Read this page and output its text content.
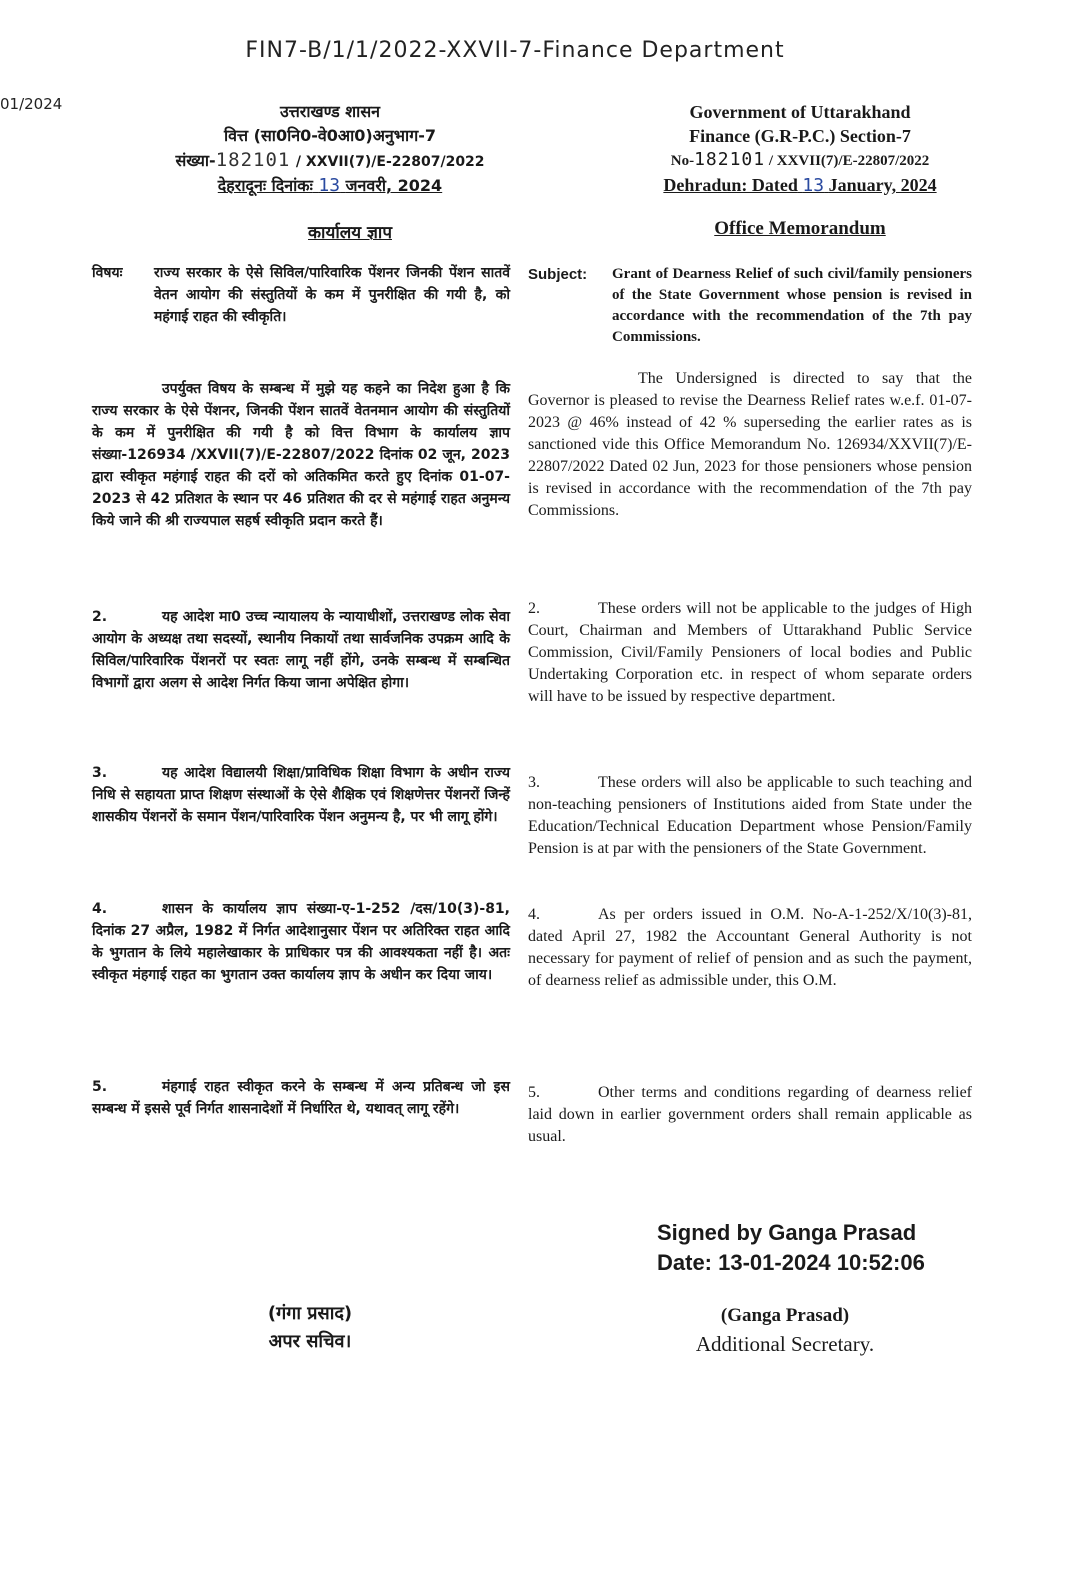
FIN7-B/1/1/2022-XXVII-7-Finance Department
01/2024	उत्तराखण्ड शासन
वित्त (सा0नि0-वे0आ0)अनुभाग-7
संख्या-182101 / XXVII(7)/E-22807/2022
देहरादूनः दिनांकः 13 जनवरी, 2024
Government of Uttarakhand
Finance (G.R-P.C.) Section-7
No-182101 / XXVII(7)/E-22807/2022
Dehradun: Dated 13 January, 2024
कार्यालय ज्ञाप	Office Memorandum
विषयः	राज्य सरकार के ऐसे सिविल/पारिवारिक पेंशनर जिनकी पेंशन सातवें वेतन आयोग की संस्तुतियों के कम में पुनरीक्षित की गयी है, को महंगाई राहत की स्वीकृति।
उपर्युक्त विषय के सम्बन्ध में मुझे यह कहने का निदेश हुआ है कि राज्य सरकार के ऐसे पेंशनर, जिनकी पेंशन सातवें वेतनमान आयोग की संस्तुतियों के कम में पुनरीक्षित की गयी है को वित्त विभाग के कार्यालय ज्ञाप संख्या-126934 /XXVII(7)/E-22807/2022 दिनांक 02 जून, 2023 द्वारा स्वीकृत महंगाई राहत की दरों को अतिकमित करते हुए दिनांक 01-07-2023 से 42 प्रतिशत के स्थान पर 46 प्रतिशत की दर से महंगाई राहत अनुमन्य किये जाने की श्री राज्यपाल सहर्ष स्वीकृति प्रदान करते हैं।
2.	यह आदेश मा0 उच्च न्यायालय के न्यायाधीशों, उत्तराखण्ड लोक सेवा आयोग के अध्यक्ष तथा सदस्यों, स्थानीय निकायों तथा सार्वजनिक उपक्रम आदि के सिविल/पारिवारिक पेंशनरों पर स्वतः लागू नहीं होंगे, उनके सम्बन्ध में सम्बन्धित विभागों द्वारा अलग से आदेश निर्गत किया जाना अपेक्षित होगा।
3.	यह आदेश विद्यालयी शिक्षा/प्राविधिक शिक्षा विभाग के अधीन राज्य निधि से सहायता प्राप्त शिक्षण संस्थाओं के ऐसे शैक्षिक एवं शिक्षणेत्तर पेंशनरों जिन्हें शासकीय पेंशनरों के समान पेंशन/पारिवारिक पेंशन अनुमन्य है, पर भी लागू होंगे।
4.	शासन के कार्यालय ज्ञाप संख्या-ए-1-252 /दस/10(3)-81, दिनांक 27 अप्रैल, 1982 में निर्गत आदेशानुसार पेंशन पर अतिरिक्त राहत आदि के भुगतान के लिये महालेखाकार के प्राधिकार पत्र की आवश्यकता नहीं है। अतः स्वीकृत मंहगाई राहत का भुगतान उक्त कार्यालय ज्ञाप के अधीन कर दिया जाय।
5.	मंहगाई राहत स्वीकृत करने के सम्बन्ध में अन्य प्रतिबन्ध जो इस सम्बन्ध में इससे पूर्व निर्गत शासनादेशों में निर्धारित थे, यथावत् लागू रहेंगे।
Subject:	Grant of Dearness Relief of such civil/family pensioners of the State Government whose pension is revised in accordance with the recommendation of the 7th pay Commissions.
The Undersigned is directed to say that the Governor is pleased to revise the Dearness Relief rates w.e.f. 01-07-2023 @ 46% instead of 42 % superseding the earlier rates as is sanctioned vide this Office Memorandum No. 126934/XXVII(7)/E-22807/2022 Dated 02 Jun, 2023 for those pensioners whose pension is revised in accordance with the recommendation of the 7th pay Commissions.
2.	These orders will not be applicable to the judges of High Court, Chairman and Members of Uttarakhand Public Service Commission, Civil/Family Pensioners of local bodies and Public Undertaking Corporation etc. in respect of whom separate orders will have to be issued by respective department.
3.	These orders will also be applicable to such teaching and non-teaching pensioners of Institutions aided from State under the Education/Technical Education Department whose Pension/Family Pension is at par with the pensioners of the State Government.
4.	As per orders issued in O.M. No-A-1-252/X/10(3)-81, dated April 27, 1982 the Accountant General Authority is not necessary for payment of relief of pension and as such the payment, of dearness relief as admissible under, this O.M.
5.	Other terms and conditions regarding of dearness relief laid down in earlier government orders shall remain applicable as usual.
Signed by Ganga Prasad
Date: 13-01-2024 10:52:06
(Ganga Prasad)
Additional Secretary.
(गंगा प्रसाद)
अपर सचिव।
